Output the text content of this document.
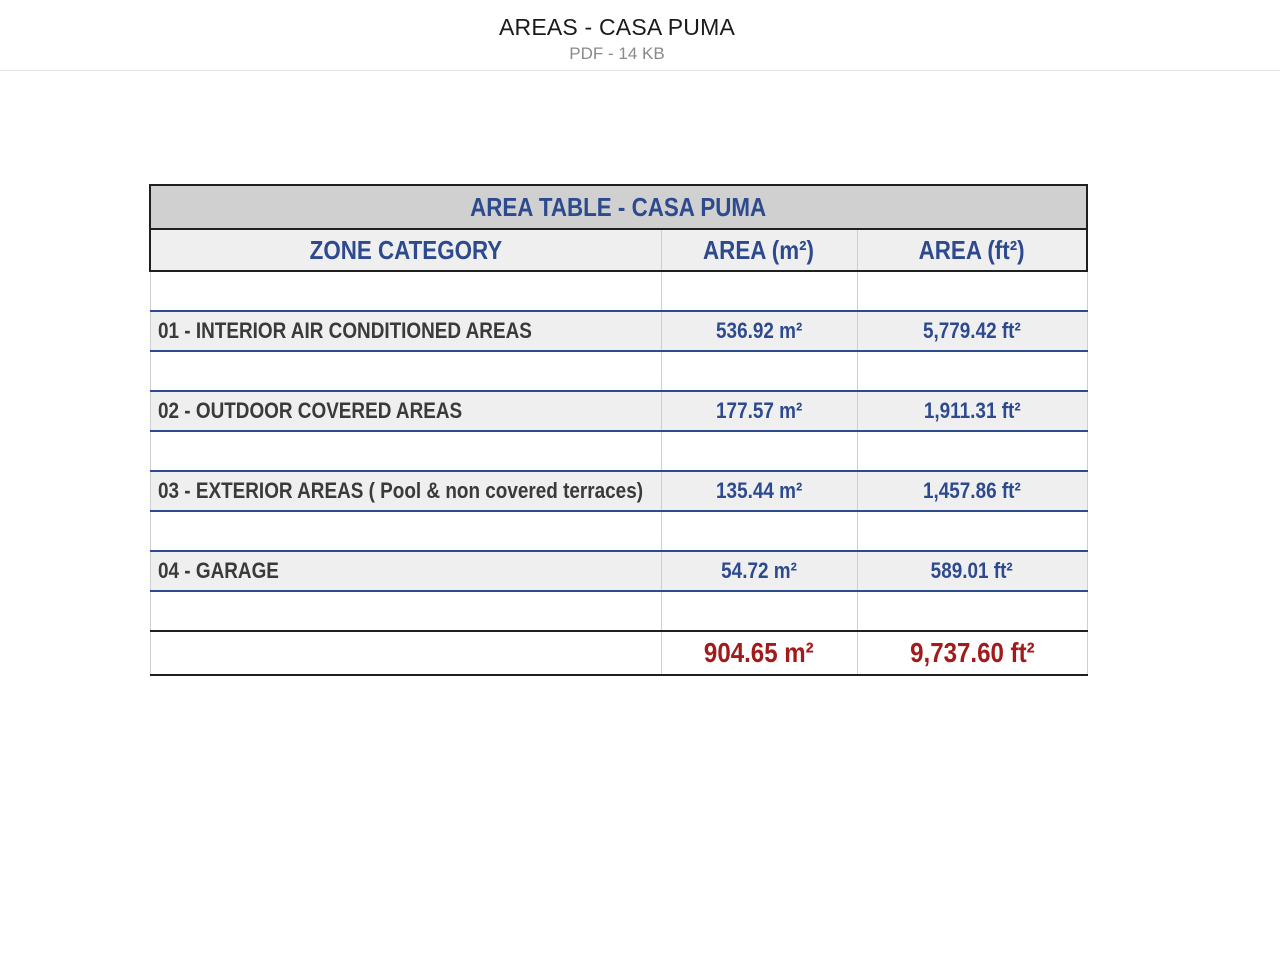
AREAS - CASA PUMA
PDF - 14 KB
AREA TABLE - CASA PUMA		
ZONE CATEGORY	AREA (m²)	AREA (ft²)

01 - INTERIOR AIR CONDITIONED AREAS	536.92 m²	5,779.42 ft²

02 - OUTDOOR COVERED AREAS	177.57 m²	1,911.31 ft²

03 - EXTERIOR AREAS ( Pool & non covered terraces)	135.44 m²	1,457.86 ft²

04 - GARAGE	54.72 m²	589.01 ft²

	904.65 m²	9,737.60 ft²
